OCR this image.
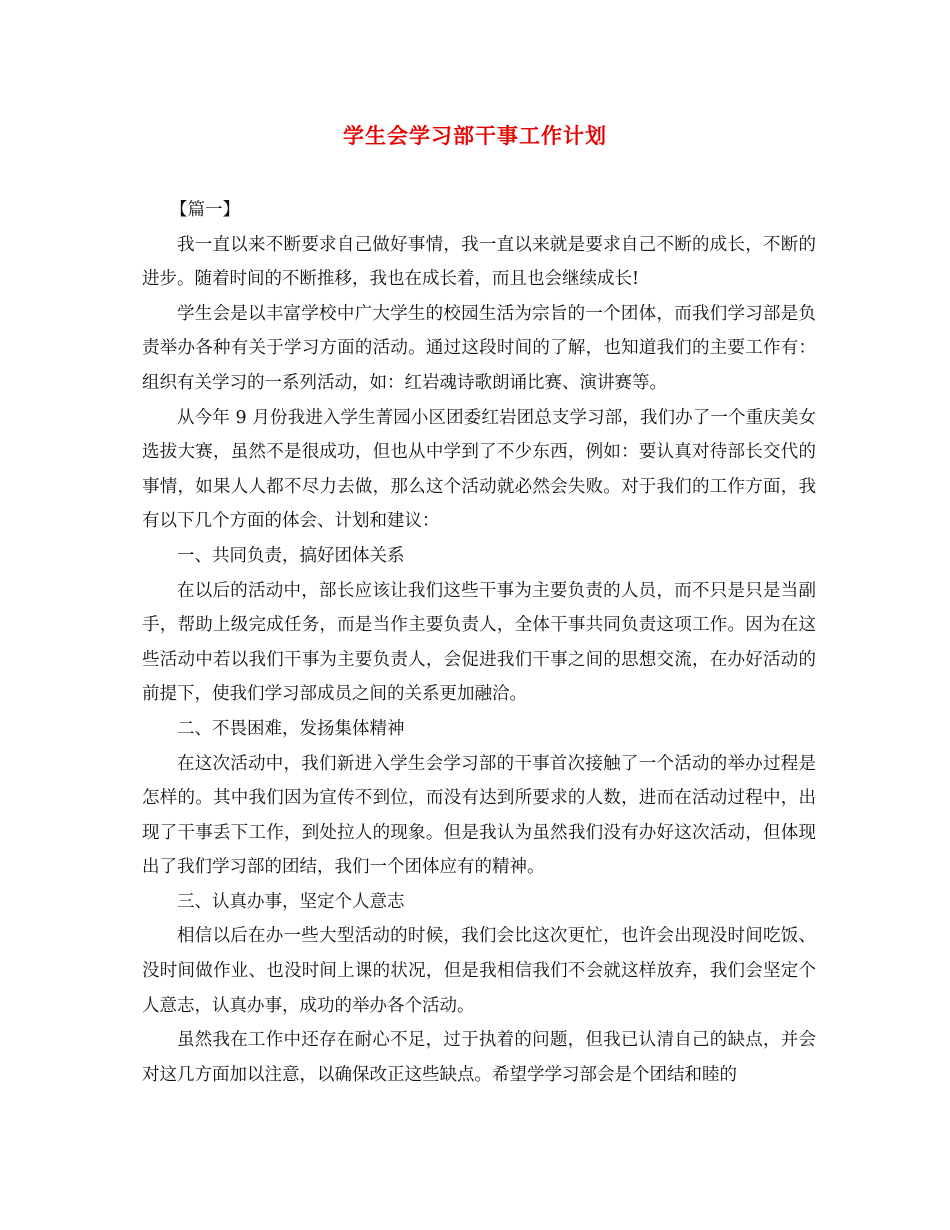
学生会学习部干事工作计划

【篇一】

我一直以来不断要求自己做好事情，我一直以来就是要求自己不断的成长，不断的进步。随着时间的不断推移，我也在成长着，而且也会继续成长!

学生会是以丰富学校中广大学生的校园生活为宗旨的一个团体，而我们学习部是负责举办各种有关于学习方面的活动。通过这段时间的了解，也知道我们的主要工作有：组织有关学习的一系列活动，如：红岩魂诗歌朗诵比赛、演讲赛等。

从今年 9 月份我进入学生菁园小区团委红岩团总支学习部，我们办了一个重庆美女选拔大赛，虽然不是很成功，但也从中学到了不少东西，例如：要认真对待部长交代的事情，如果人人都不尽力去做，那么这个活动就必然会失败。对于我们的工作方面，我有以下几个方面的体会、计划和建议：

一、共同负责，搞好团体关系

在以后的活动中，部长应该让我们这些干事为主要负责的人员，而不只是只是当副手，帮助上级完成任务，而是当作主要负责人，全体干事共同负责这项工作。因为在这些活动中若以我们干事为主要负责人，会促进我们干事之间的思想交流，在办好活动的前提下，使我们学习部成员之间的关系更加融洽。

二、不畏困难，发扬集体精神

在这次活动中，我们新进入学生会学习部的干事首次接触了一个活动的举办过程是怎样的。其中我们因为宣传不到位，而没有达到所要求的人数，进而在活动过程中，出现了干事丢下工作，到处拉人的现象。但是我认为虽然我们没有办好这次活动，但体现出了我们学习部的团结，我们一个团体应有的精神。

三、认真办事，坚定个人意志

相信以后在办一些大型活动的时候，我们会比这次更忙，也许会出现没时间吃饭、没时间做作业、也没时间上课的状况，但是我相信我们不会就这样放弃，我们会坚定个人意志，认真办事，成功的举办各个活动。

虽然我在工作中还存在耐心不足，过于执着的问题，但我已认清自己的缺点，并会对这几方面加以注意，以确保改正这些缺点。希望学学习部会是个团结和睦的
